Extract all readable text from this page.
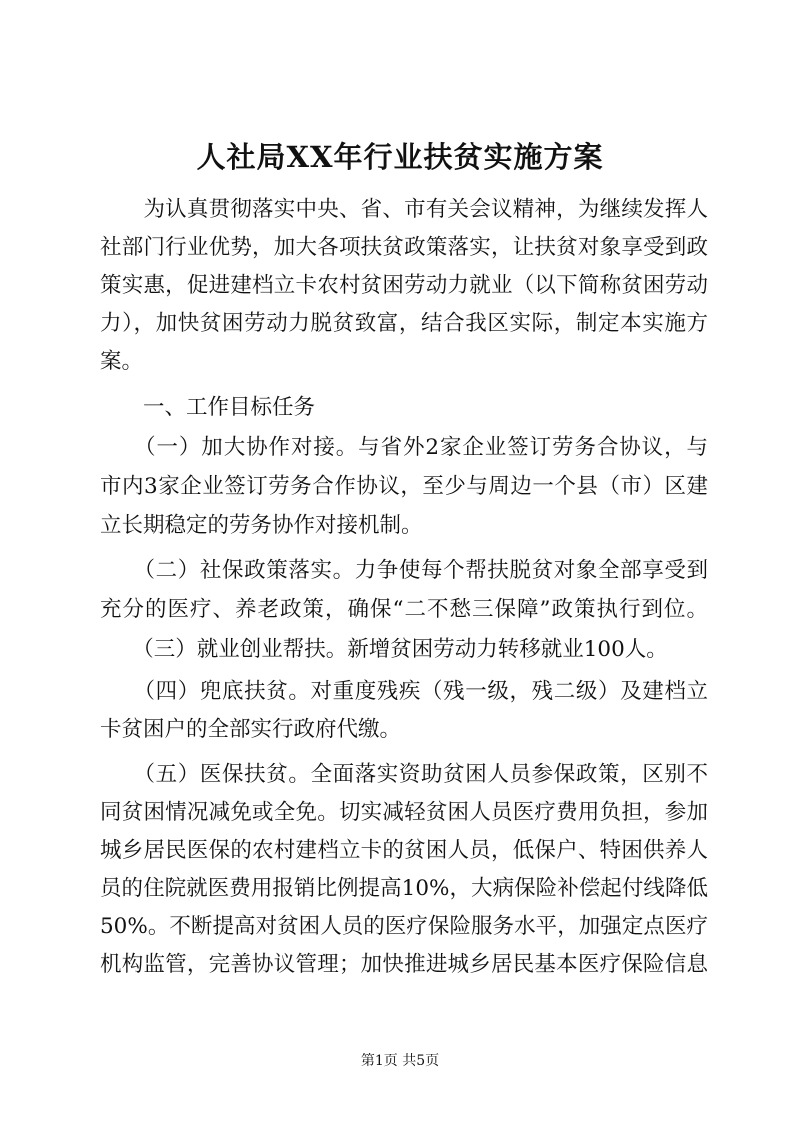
人社局XX年行业扶贫实施方案
　　为认真贯彻落实中央、省、市有关会议精神，为继续发挥人
社部门行业优势，加大各项扶贫政策落实，让扶贫对象享受到政
策实惠，促进建档立卡农村贫困劳动力就业（以下简称贫困劳动
力），加快贫困劳动力脱贫致富，结合我区实际，制定本实施方
案。
　　一、工作目标任务
　　（一）加大协作对接。与省外2家企业签订劳务合协议，与
市内3家企业签订劳务合作协议，至少与周边一个县（市）区建
立长期稳定的劳务协作对接机制。
　　（二）社保政策落实。力争使每个帮扶脱贫对象全部享受到
充分的医疗、养老政策，确保“二不愁三保障”政策执行到位。
　　（三）就业创业帮扶。新增贫困劳动力转移就业100人。
　　（四）兜底扶贫。对重度残疾（残一级，残二级）及建档立
卡贫困户的全部实行政府代缴。
　　（五）医保扶贫。全面落实资助贫困人员参保政策，区别不
同贫困情况减免或全免。切实减轻贫困人员医疗费用负担，参加
城乡居民医保的农村建档立卡的贫困人员，低保户、特困供养人
员的住院就医费用报销比例提高10%，大病保险补偿起付线降低
50%。不断提高对贫困人员的医疗保险服务水平，加强定点医疗
机构监管，完善协议管理；加快推进城乡居民基本医疗保险信息
第1页 共5页
